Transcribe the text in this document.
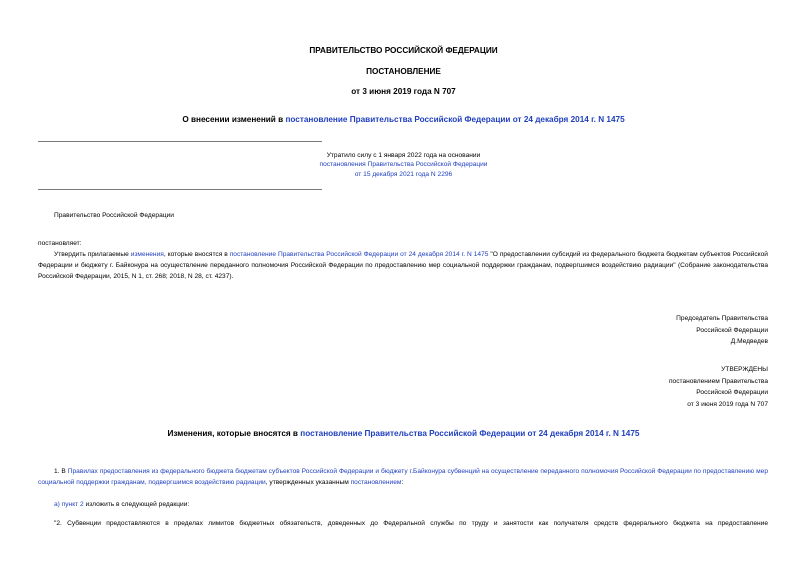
ПРАВИТЕЛЬСТВО РОССИЙСКОЙ ФЕДЕРАЦИИ
ПОСТАНОВЛЕНИЕ
от 3 июня 2019 года N 707
О внесении изменений в постановление Правительства Российской Федерации от 24 декабря 2014 г. N 1475
Утратило силу с 1 января 2022 года на основании
постановления Правительства Российской Федерации
от 15 декабря 2021 года N 2296
Правительство Российской Федерации
постановляет:
Утвердить прилагаемые изменения, которые вносятся в постановление Правительства Российской Федерации от 24 декабря 2014 г. N 1475 "О предоставлении субсидий из федерального бюджета бюджетам субъектов Российской Федерации и бюджету г. Байконура на осуществление переданного полномочия Российской Федерации по предоставлению мер социальной поддержки гражданам, подвергшимся воздействию радиации" (Собрание законодательства Российской Федерации, 2015, N 1, ст. 268; 2018, N 28, ст. 4237).
Председатель Правительства
Российской Федерации
Д.Медведев
УТВЕРЖДЕНЫ
постановлением Правительства
Российской Федерации
от 3 июня 2019 года N 707
Изменения, которые вносятся в постановление Правительства Российской Федерации от 24 декабря 2014 г. N 1475
1. В Правилах предоставления из федерального бюджета бюджетам субъектов Российской Федерации и бюджету г.Байконура субвенций на осуществление переданного полномочия Российской Федерации по предоставлению мер социальной поддержки гражданам, подвергшимся воздействию радиации, утвержденных указанным постановлением:
а) пункт 2 изложить в следующей редакции:
"2. Субвенции предоставляются в пределах лимитов бюджетных обязательств, доведенных до Федеральной службы по труду и занятости как получателя средств федерального бюджета на предоставление
